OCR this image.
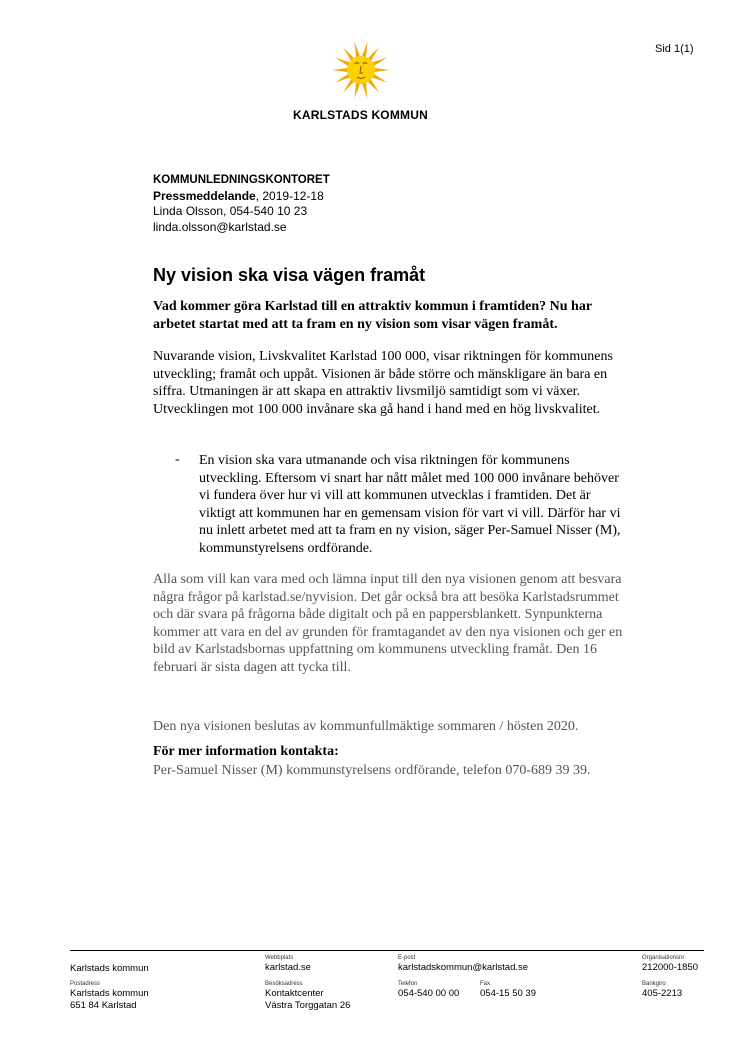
Sid 1(1)
KARLSTADS KOMMUN
KOMMUNLEDNINGSKONTORET
Pressmeddelande, 2019-12-18
Linda Olsson, 054-540 10 23
linda.olsson@karlstad.se
Ny vision ska visa vägen framåt
Vad kommer göra Karlstad till en attraktiv kommun i framtiden? Nu har arbetet startat med att ta fram en ny vision som visar vägen framåt.
Nuvarande vision, Livskvalitet Karlstad 100 000, visar riktningen för kommunens utveckling; framåt och uppåt. Visionen är både större och mänskligare än bara en siffra. Utmaningen är att skapa en attraktiv livsmiljö samtidigt som vi växer. Utvecklingen mot 100 000 invånare ska gå hand i hand med en hög livskvalitet.
- En vision ska vara utmanande och visa riktningen för kommunens utveckling. Eftersom vi snart har nått målet med 100 000 invånare behöver vi fundera över hur vi vill att kommunen utvecklas i framtiden. Det är viktigt att kommunen har en gemensam vision för vart vi vill. Därför har vi nu inlett arbetet med att ta fram en ny vision, säger Per-Samuel Nisser (M), kommunstyrelsens ordförande.
Alla som vill kan vara med och lämna input till den nya visionen genom att besvara några frågor på karlstad.se/nyvision. Det går också bra att besöka Karlstadsrummet och där svara på frågorna både digitalt och på en pappersblankett. Synpunkterna kommer att vara en del av grunden för framtagandet av den nya visionen och ger en bild av Karlstadsbornas uppfattning om kommunens utveckling framåt. Den 16 februari är sista dagen att tycka till.
Den nya visionen beslutas av kommunfullmäktige sommaren / hösten 2020.
För mer information kontakta:
Per-Samuel Nisser (M) kommunstyrelsens ordförande, telefon 070-689 39 39.
Karlstads kommun
Webbplats
karlstad.se
E-post
karlstadskommun@karlstad.se
Organisationsnr
212000-1850
Postadress
Karlstads kommun
651 84 Karlstad
Besöksadress
Kontaktcenter
Västra Torggatan 26
Telefon
054-540 00 00
Fax
054-15 50 39
Bankgiro
405-2213
